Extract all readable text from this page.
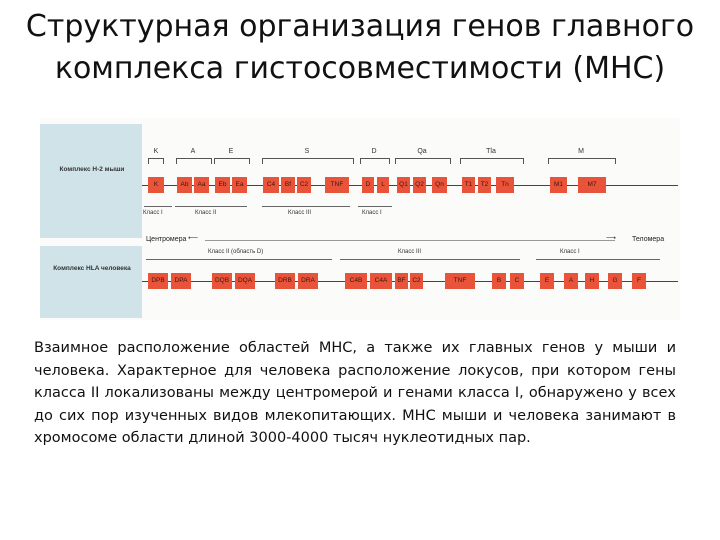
Структурная организация генов главного комплекса гистосовместимости (MHC)
Комплекс Н-2 мыши
Комплекс HLA человека
K	A	E	S	D	Qa	Tla	M
K	Ab	Aa	Eb	Ea	C4	Bf	C2	TNF	D	L	Q1	Q2	Qn	T1	T2	Tn	M1	M7
Класс I	Класс II	Класс III	Класс I
Центромера ⟵	⟶ Теломера
Класс II (область D)	Класс III	Класс I
DPB	DPA	DQB	DQA	DRB	DRA	C4B	C4A	BF	C2	TNF	B	C	E	A	H	G	F
Взаимное расположение областей МНС, а также их главных генов у мыши и человека. Характерное для человека расположение локусов, при котором гены класса II локализованы между центромерой и генами класса I, обнаружено у всех до сих пор изученных видов млекопитающих. МНС мыши и человека занимают в хромосоме области длиной 3000-4000 тысяч нуклеотидных пар.
